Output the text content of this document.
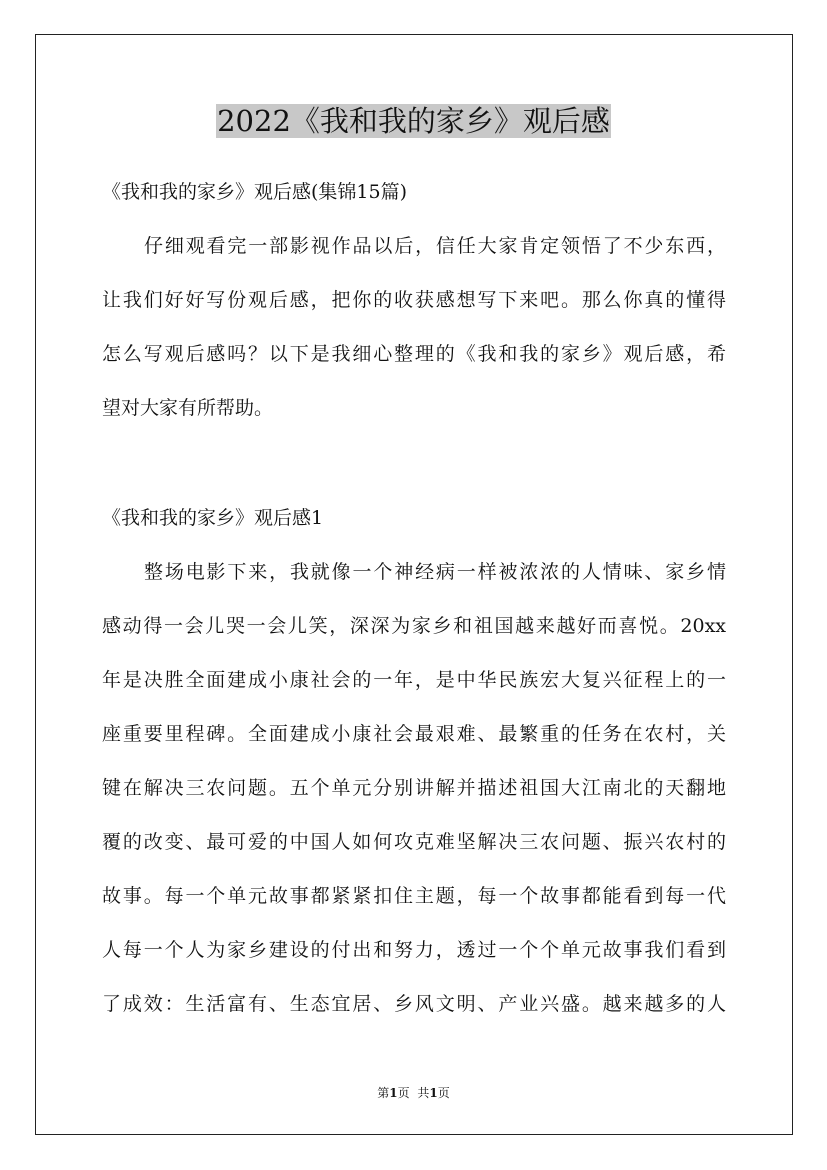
2022《我和我的家乡》观后感

《我和我的家乡》观后感(集锦15篇)

仔细观看完一部影视作品以后，信任大家肯定领悟了不少东西，

让我们好好写份观后感，把你的收获感想写下来吧。那么你真的懂得

怎么写观后感吗？以下是我细心整理的《我和我的家乡》观后感，希

望对大家有所帮助。

《我和我的家乡》观后感1

整场电影下来，我就像一个神经病一样被浓浓的人情味、家乡情

感动得一会儿哭一会儿笑，深深为家乡和祖国越来越好而喜悦。20xx

年是决胜全面建成小康社会的一年，是中华民族宏大复兴征程上的一

座重要里程碑。全面建成小康社会最艰难、最繁重的任务在农村，关

键在解决三农问题。五个单元分别讲解并描述祖国大江南北的天翻地

覆的改变、最可爱的中国人如何攻克难坚解决三农问题、振兴农村的

故事。每一个单元故事都紧紧扣住主题，每一个故事都能看到每一代

人每一个人为家乡建设的付出和努力，透过一个个单元故事我们看到

了成效：生活富有、生态宜居、乡风文明、产业兴盛。越来越多的人

第1页 共1页
